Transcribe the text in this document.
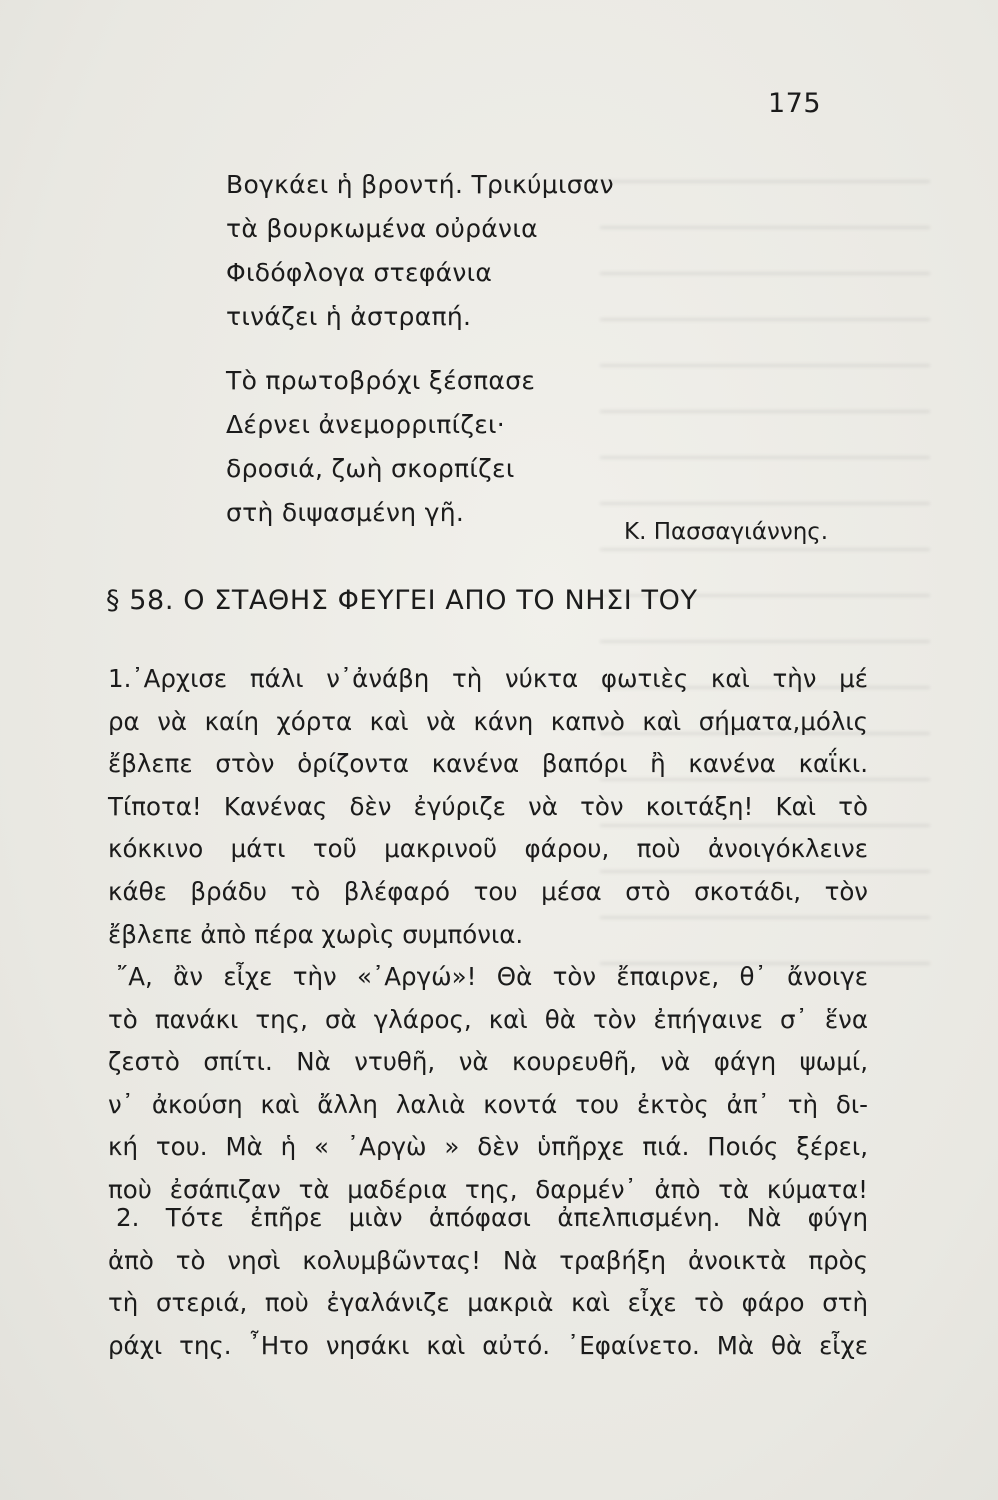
175
Βογκάει ἡ βροντή. Τρικύμισαν
τὰ βουρκωμένα οὐράνια
Φιδόφλογα στεφάνια
τινάζει ἡ ἀστραπή.
Τὸ πρωτοβρόχι ξέσπασε
Δέρνει ἀνεμορριπίζει·
δροσιά, ζωὴ σκορπίζει
στὴ διψασμένη γῆ.
Κ. Πασσαγιάννης.
§ 58. Ο ΣΤΑΘΗΣ ΦΕΥΓΕΙ ΑΠΟ ΤΟ ΝΗΣΙ ΤΟΥ
1.᾿Αρχισε πάλι ν᾿ἀνάβη τὴ νύκτα φωτιὲς καὶ τὴν μέ
ρα νὰ καίη χόρτα καὶ νὰ κάνη καπνὸ καὶ σήματα,μόλις
ἔβλεπε στὸν ὁρίζοντα κανένα βαπόρι ἢ κανένα καΐκι.
Τίποτα! Κανένας δὲν ἐγύριζε νὰ τὸν κοιτάξη! Καὶ τὸ
κόκκινο μάτι τοῦ μακρινοῦ φάρου, ποὺ ἀνοιγόκλεινε
κάθε βράδυ τὸ βλέφαρό του μέσα στὸ σκοτάδι, τὸν
ἔβλεπε ἀπὸ πέρα χωρὶς συμπόνια.
῎Α, ἂν εἶχε τὴν «᾿Αργώ»! Θὰ τὸν ἔπαιρνε, θ᾿ ἄνοιγε
τὸ πανάκι της, σὰ γλάρος, καὶ θὰ τὸν ἐπήγαινε σ᾿ ἕνα
ζεστὸ σπίτι. Νὰ ντυθῆ, νὰ κουρευθῆ, νὰ φάγη ψωμί,
ν᾿ ἀκούση καὶ ἄλλη λαλιὰ κοντά του ἐκτὸς ἀπ᾿ τὴ δι-
κή του. Μὰ ἡ « ᾿Αργὼ » δὲν ὑπῆρχε πιά. Ποιός ξέρει,
ποὺ ἐσάπιζαν τὰ μαδέρια της, δαρμέν᾿ ἀπὸ τὰ κύματα!
2. Τότε ἐπῆρε μιὰν ἀπόφασι ἀπελπισμένη. Νὰ φύγη
ἀπὸ τὸ νησὶ κολυμβῶντας! Νὰ τραβήξη ἀνοικτὰ πρὸς
τὴ στεριά, ποὺ ἐγαλάνιζε μακριὰ καὶ εἶχε τὸ φάρο στὴ
ράχι της. ῏Ητο νησάκι καὶ αὐτό. ᾿Εφαίνετο. Μὰ θὰ εἶχε
